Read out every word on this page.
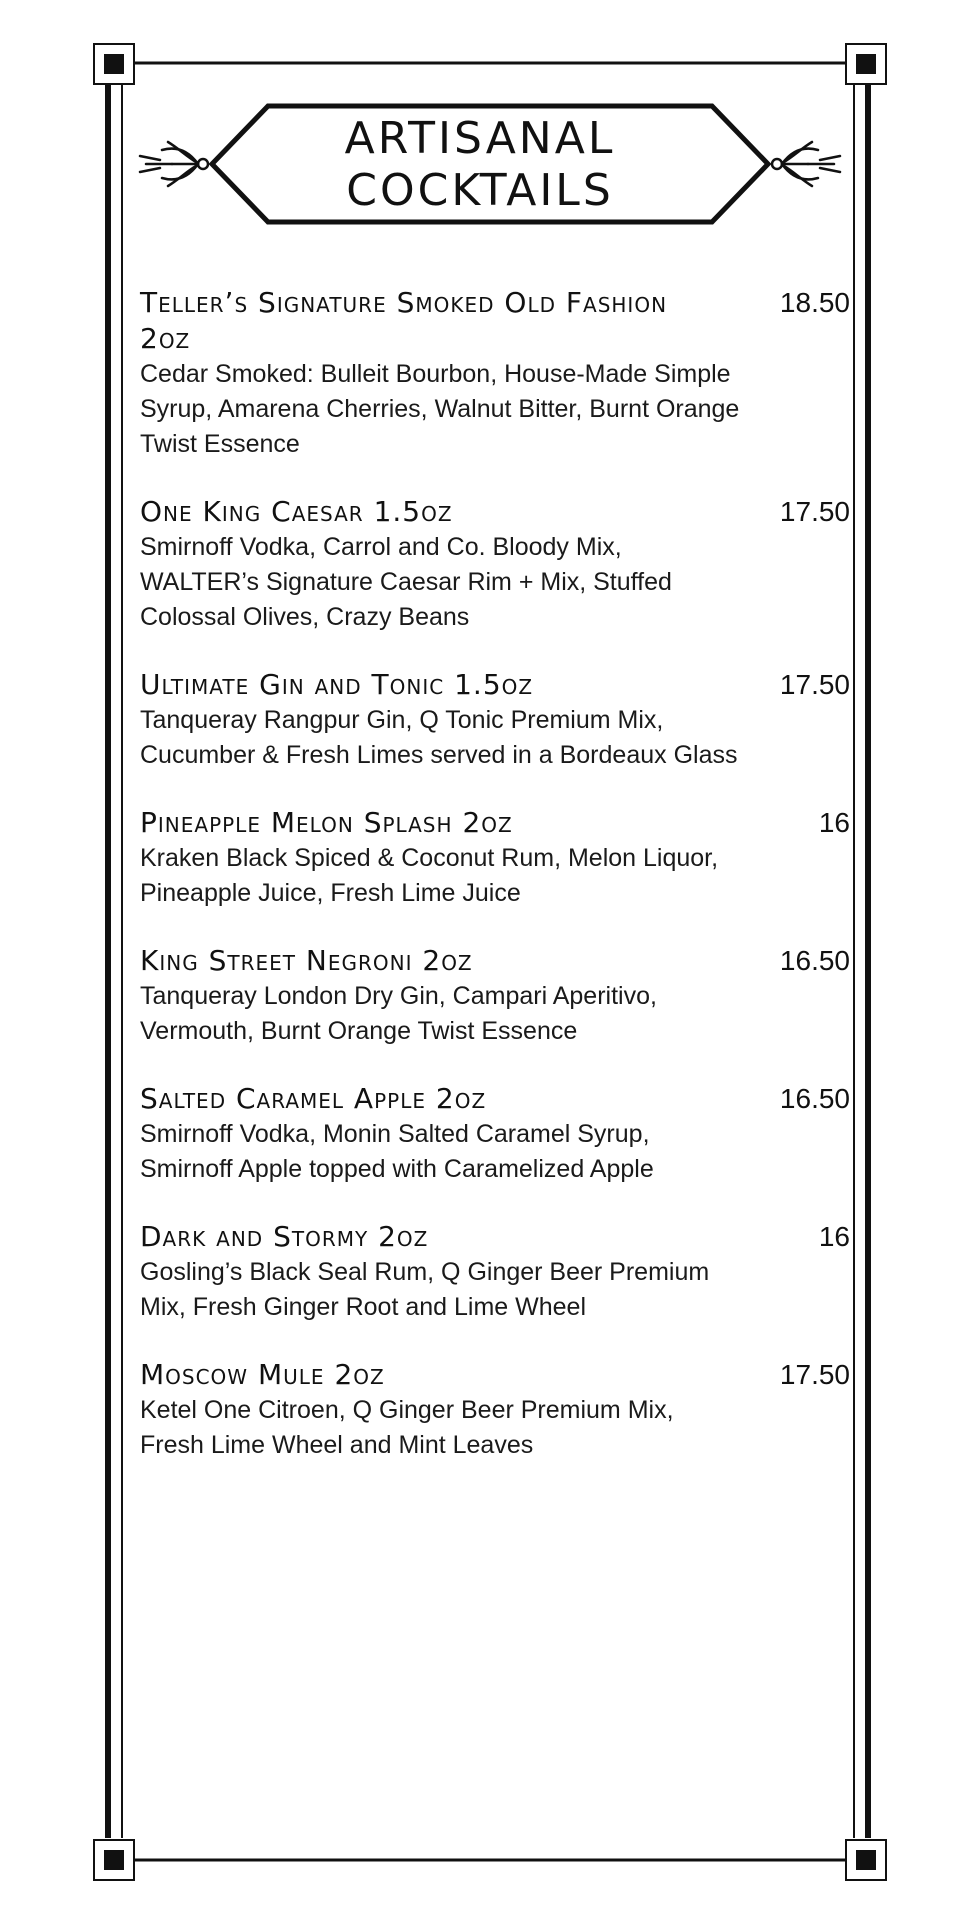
ARTISANAL
COCKTAILS
Teller’s Signature Smoked Old Fashion 2oz
18.50
Cedar Smoked: Bulleit Bourbon, House-Made Simple Syrup, Amarena Cherries, Walnut Bitter, Burnt Orange Twist Essence
One King Caesar 1.5oz	17.50
Smirnoff Vodka, Carrol and Co. Bloody Mix, WALTER’s Signature Caesar Rim + Mix, Stuffed Colossal Olives, Crazy Beans
Ultimate Gin and Tonic 1.5oz	17.50
Tanqueray Rangpur Gin, Q Tonic Premium Mix, Cucumber & Fresh Limes served in a Bordeaux Glass
Pineapple Melon Splash 2oz	16
Kraken Black Spiced & Coconut Rum, Melon Liquor, Pineapple Juice, Fresh Lime Juice
King Street Negroni 2oz	16.50
Tanqueray London Dry Gin, Campari Aperitivo, Vermouth, Burnt Orange Twist Essence
Salted Caramel Apple 2oz	16.50
Smirnoff Vodka, Monin Salted Caramel Syrup, Smirnoff Apple topped with Caramelized Apple
Dark and Stormy 2oz	16
Gosling’s Black Seal Rum, Q Ginger Beer Premium Mix, Fresh Ginger Root and Lime Wheel
Moscow Mule 2oz	17.50
Ketel One Citroen, Q Ginger Beer Premium Mix, Fresh Lime Wheel and Mint Leaves
